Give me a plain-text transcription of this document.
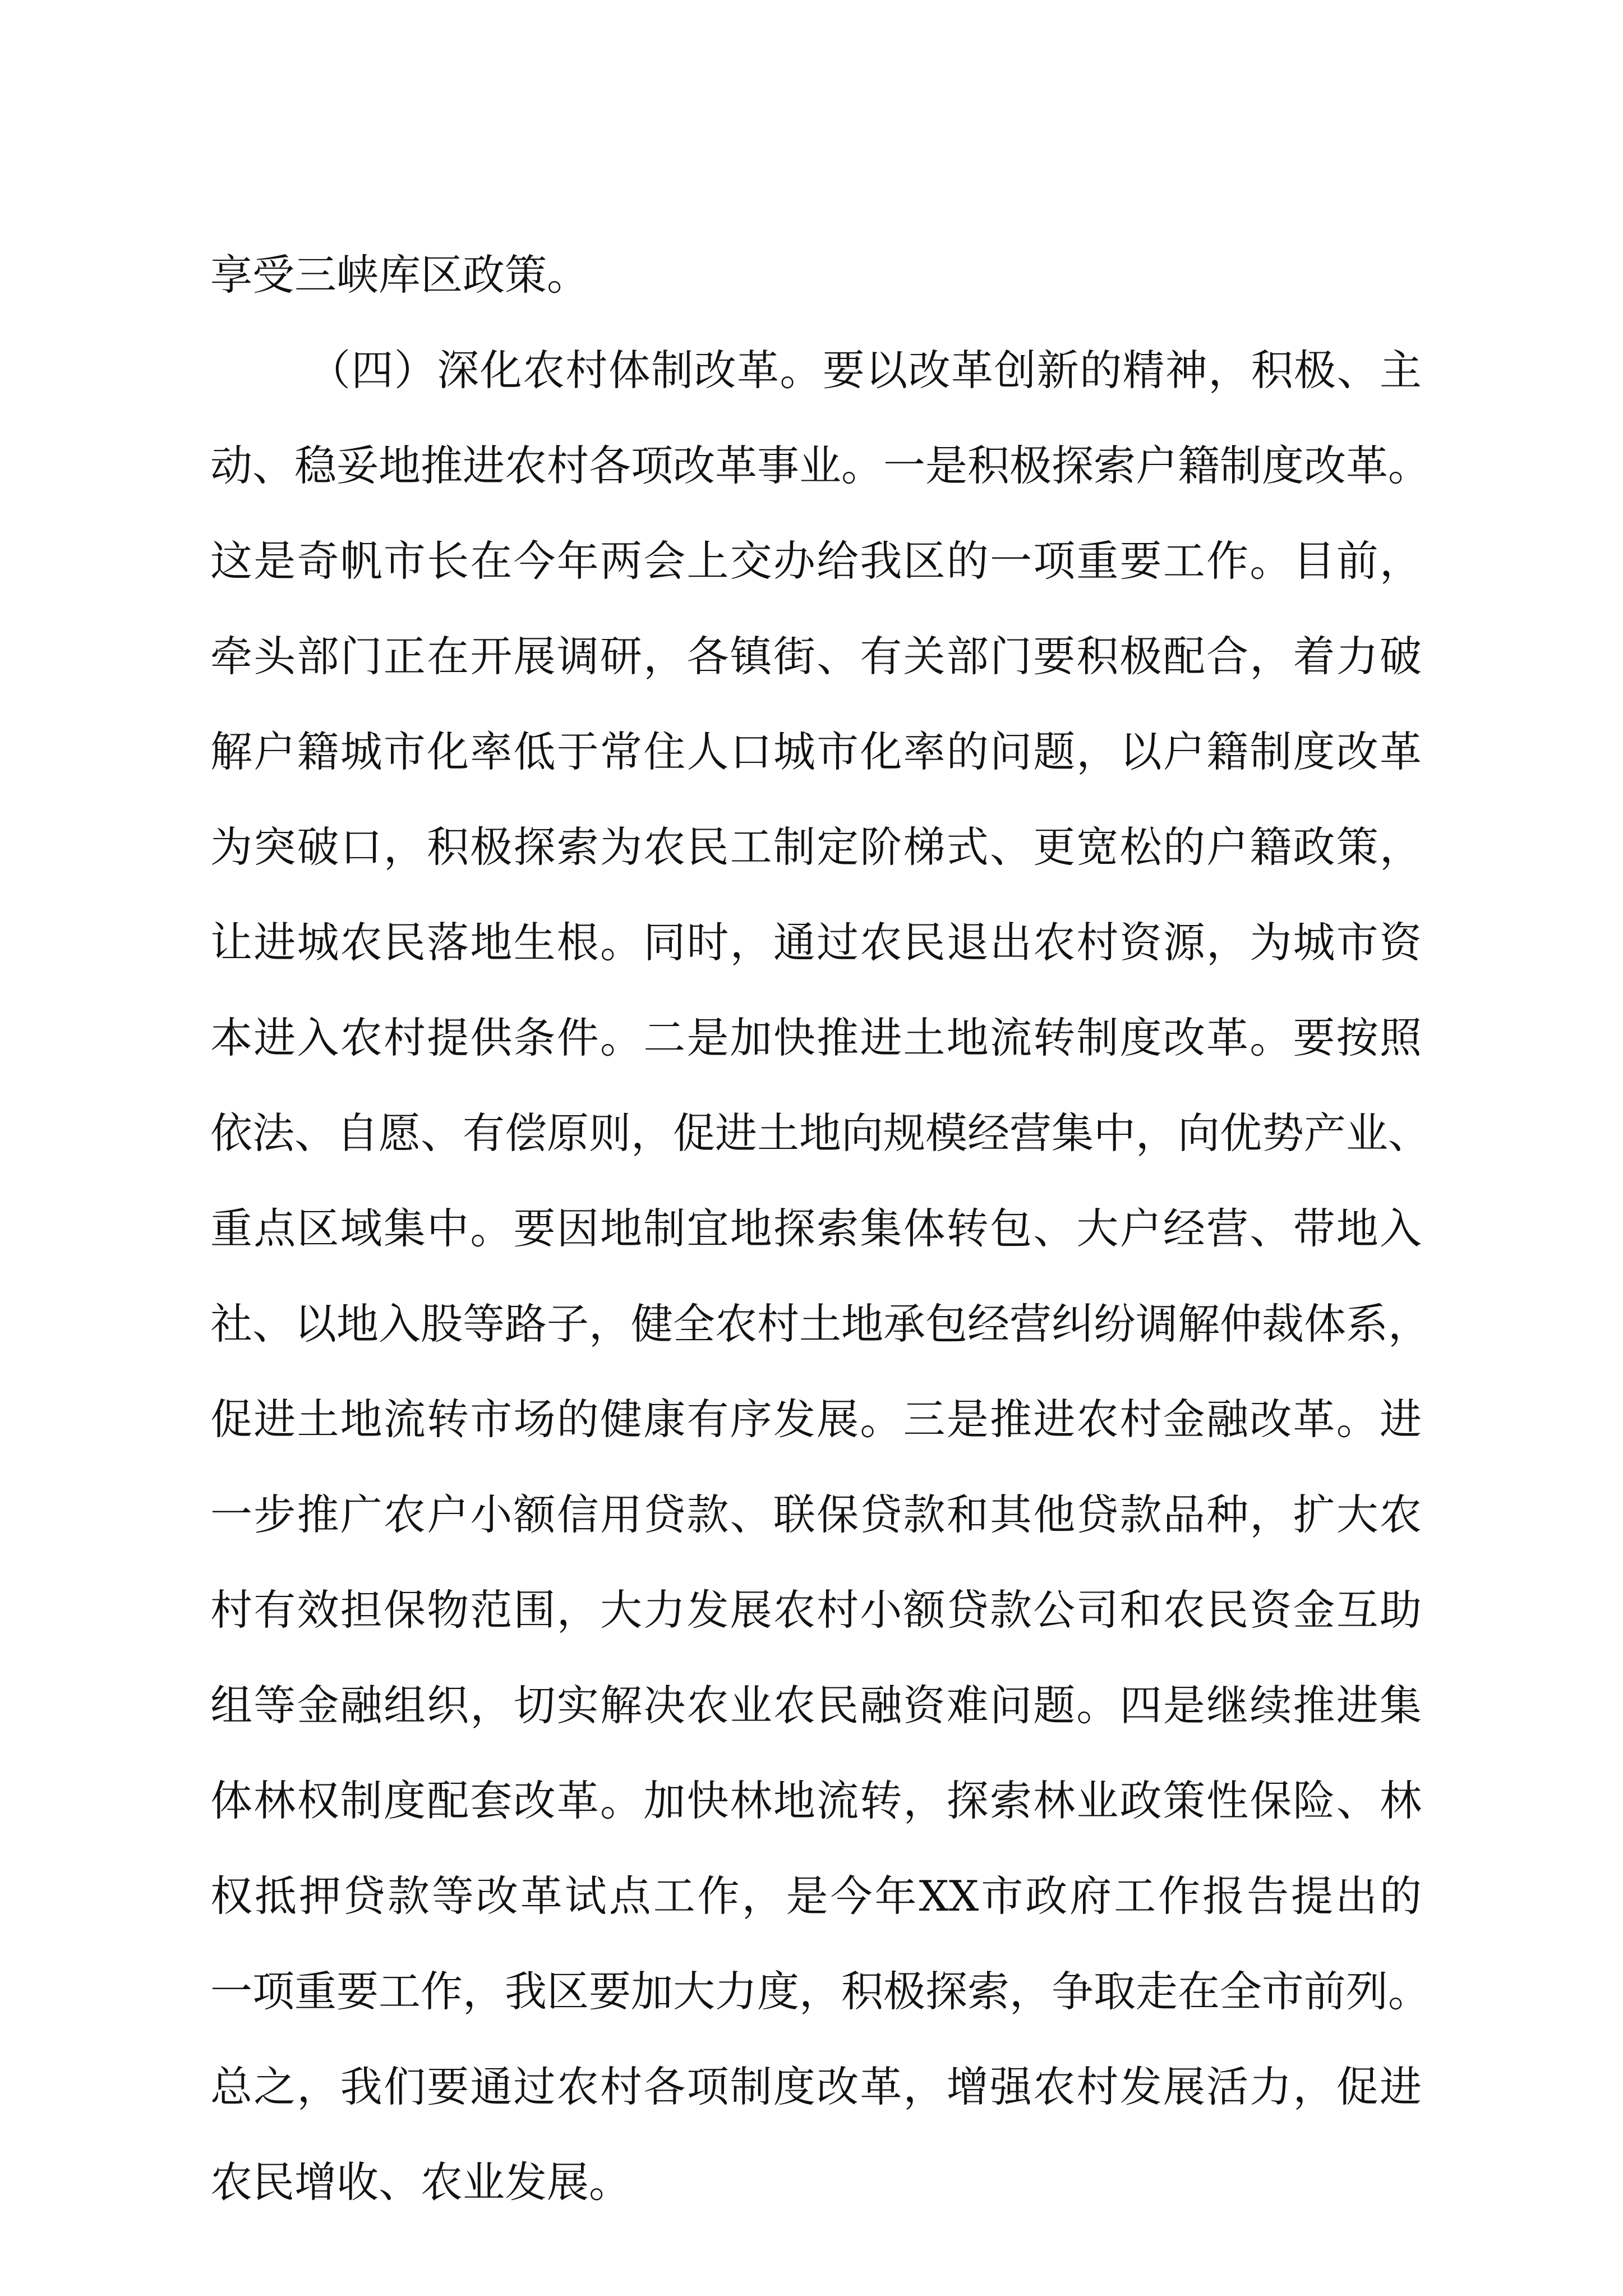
享受三峡库区政策。
（四）深化农村体制改革。要以改革创新的精神，积极、主
动、稳妥地推进农村各项改革事业。一是积极探索户籍制度改革。
这是奇帆市长在今年两会上交办给我区的一项重要工作。目前，
牵头部门正在开展调研，各镇街、有关部门要积极配合，着力破
解户籍城市化率低于常住人口城市化率的问题，以户籍制度改革
为突破口，积极探索为农民工制定阶梯式、更宽松的户籍政策，
让进城农民落地生根。同时，通过农民退出农村资源，为城市资
本进入农村提供条件。二是加快推进土地流转制度改革。要按照
依法、自愿、有偿原则，促进土地向规模经营集中，向优势产业、
重点区域集中。要因地制宜地探索集体转包、大户经营、带地入
社、以地入股等路子，健全农村土地承包经营纠纷调解仲裁体系，
促进土地流转市场的健康有序发展。三是推进农村金融改革。进
一步推广农户小额信用贷款、联保贷款和其他贷款品种，扩大农
村有效担保物范围，大力发展农村小额贷款公司和农民资金互助
组等金融组织，切实解决农业农民融资难问题。四是继续推进集
体林权制度配套改革。加快林地流转，探索林业政策性保险、林
权抵押贷款等改革试点工作，是今年XX市政府工作报告提出的
一项重要工作，我区要加大力度，积极探索，争取走在全市前列。
总之，我们要通过农村各项制度改革，增强农村发展活力，促进
农民增收、农业发展。
